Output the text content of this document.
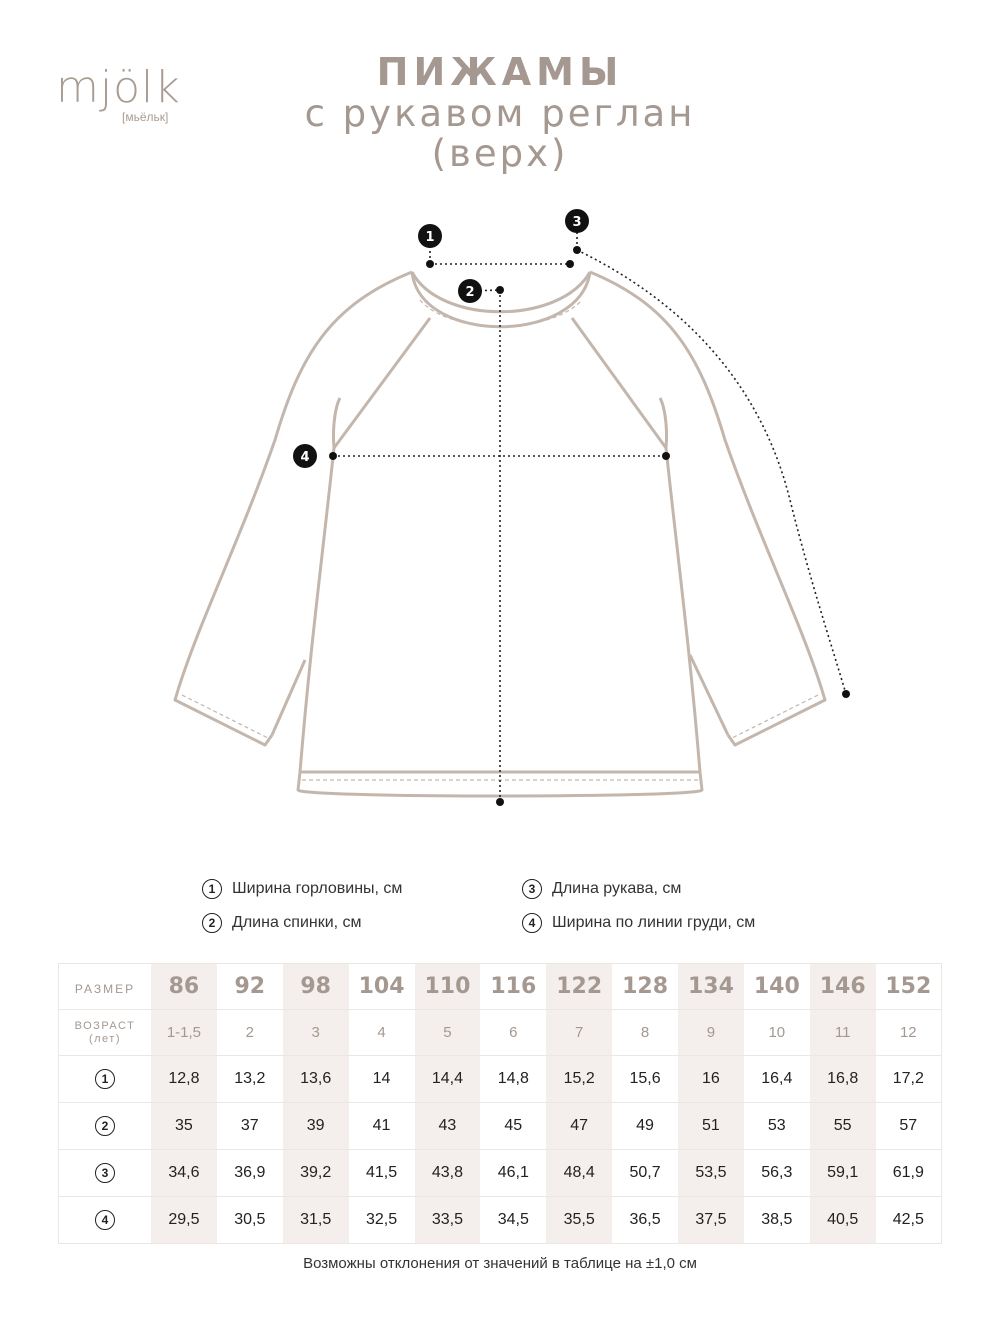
mjölk
[мьёльк]
ПИЖАМЫ
с рукавом реглан
(верх)
1
2
3
4
1	Ширина горловины, см
2	Длина спинки, см
3	Длина рукава, см
4	Ширина по линии груди, см
РАЗМЕР	86	92	98	104	110	116	122	128	134	140	146	152

ВОЗРАСТ
(лет)	1-1,5	2	3	4	5	6	7	8	9	10	11	12
1	12,8	13,2	13,6	14	14,4	14,8	15,2	15,6	16	16,4	16,8	17,2
2	35	37	39	41	43	45	47	49	51	53	55	57
3	34,6	36,9	39,2	41,5	43,8	46,1	48,4	50,7	53,5	56,3	59,1	61,9
4	29,5	30,5	31,5	32,5	33,5	34,5	35,5	36,5	37,5	38,5	40,5	42,5
Возможны отклонения от значений в таблице на ±1,0 см
